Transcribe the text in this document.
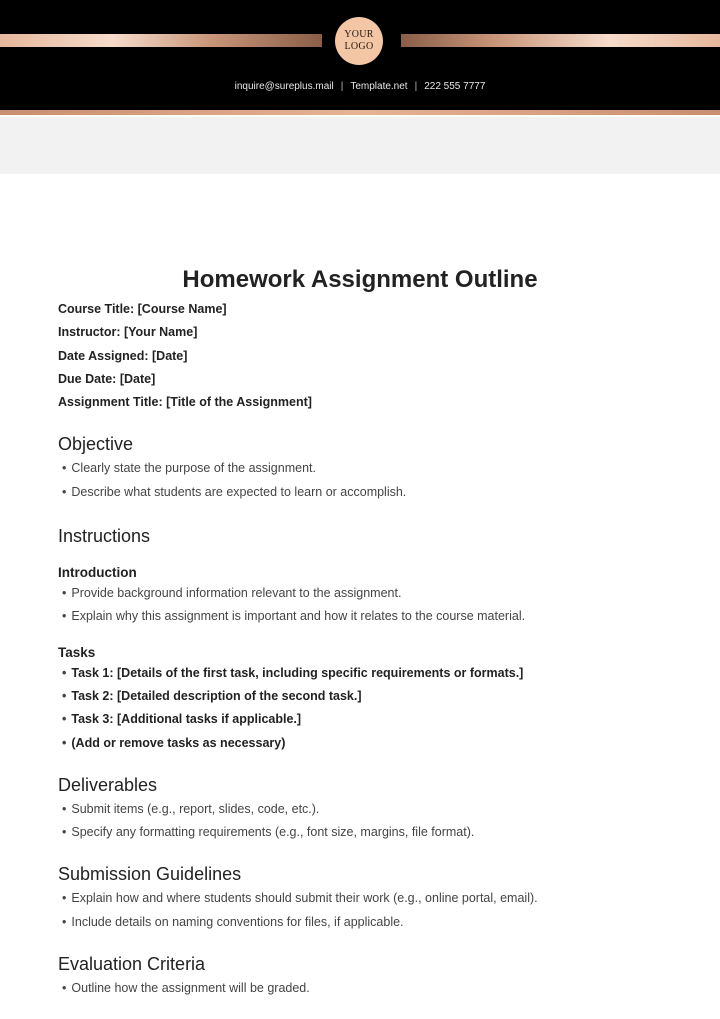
YOUR
LOGO
inquire@sureplus.mail | Template.net | 222 555 7777
Homework Assignment Outline
Course Title: [Course Name]
Instructor: [Your Name]
Date Assigned: [Date]
Due Date: [Date]
Assignment Title: [Title of the Assignment]
Objective
• Clearly state the purpose of the assignment.
• Describe what students are expected to learn or accomplish.
Instructions
Introduction
• Provide background information relevant to the assignment.
• Explain why this assignment is important and how it relates to the course material.
Tasks
• Task 1: [Details of the first task, including specific requirements or formats.]
• Task 2: [Detailed description of the second task.]
• Task 3: [Additional tasks if applicable.]
• (Add or remove tasks as necessary)
Deliverables
• Submit items (e.g., report, slides, code, etc.).
• Specify any formatting requirements (e.g., font size, margins, file format).
Submission Guidelines
• Explain how and where students should submit their work (e.g., online portal, email).
• Include details on naming conventions for files, if applicable.
Evaluation Criteria
• Outline how the assignment will be graded.
